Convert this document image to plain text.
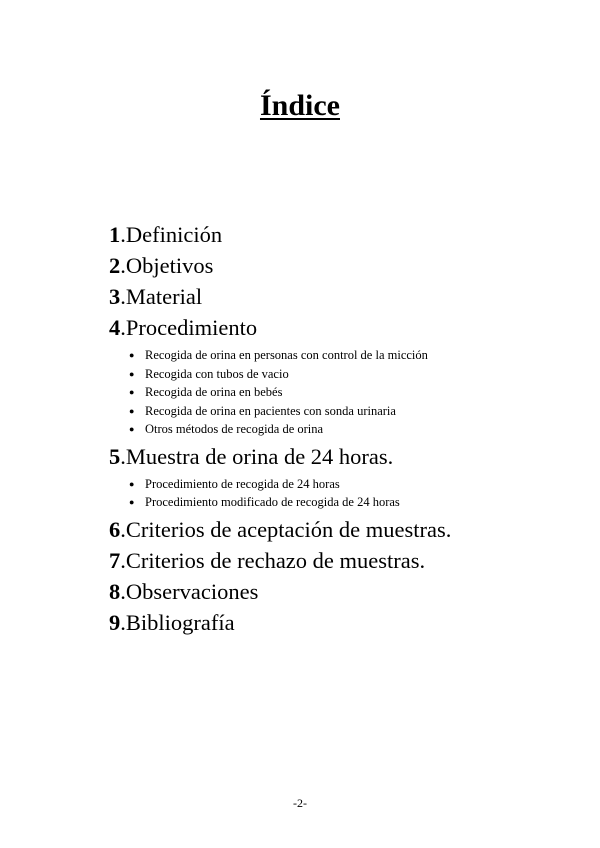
Índice
1.Definición
2.Objetivos
3.Material
4.Procedimiento
● Recogida de orina en personas con control de la micción
● Recogida con tubos de vacio
● Recogida de orina en bebés
● Recogida de orina en pacientes con sonda urinaria
● Otros métodos de recogida de orina
5.Muestra de orina de 24 horas.
● Procedimiento de recogida de 24 horas
● Procedimiento modificado de recogida de 24 horas
6.Criterios de aceptación de muestras.
7.Criterios de rechazo de muestras.
8.Observaciones
9.Bibliografía
-2-
